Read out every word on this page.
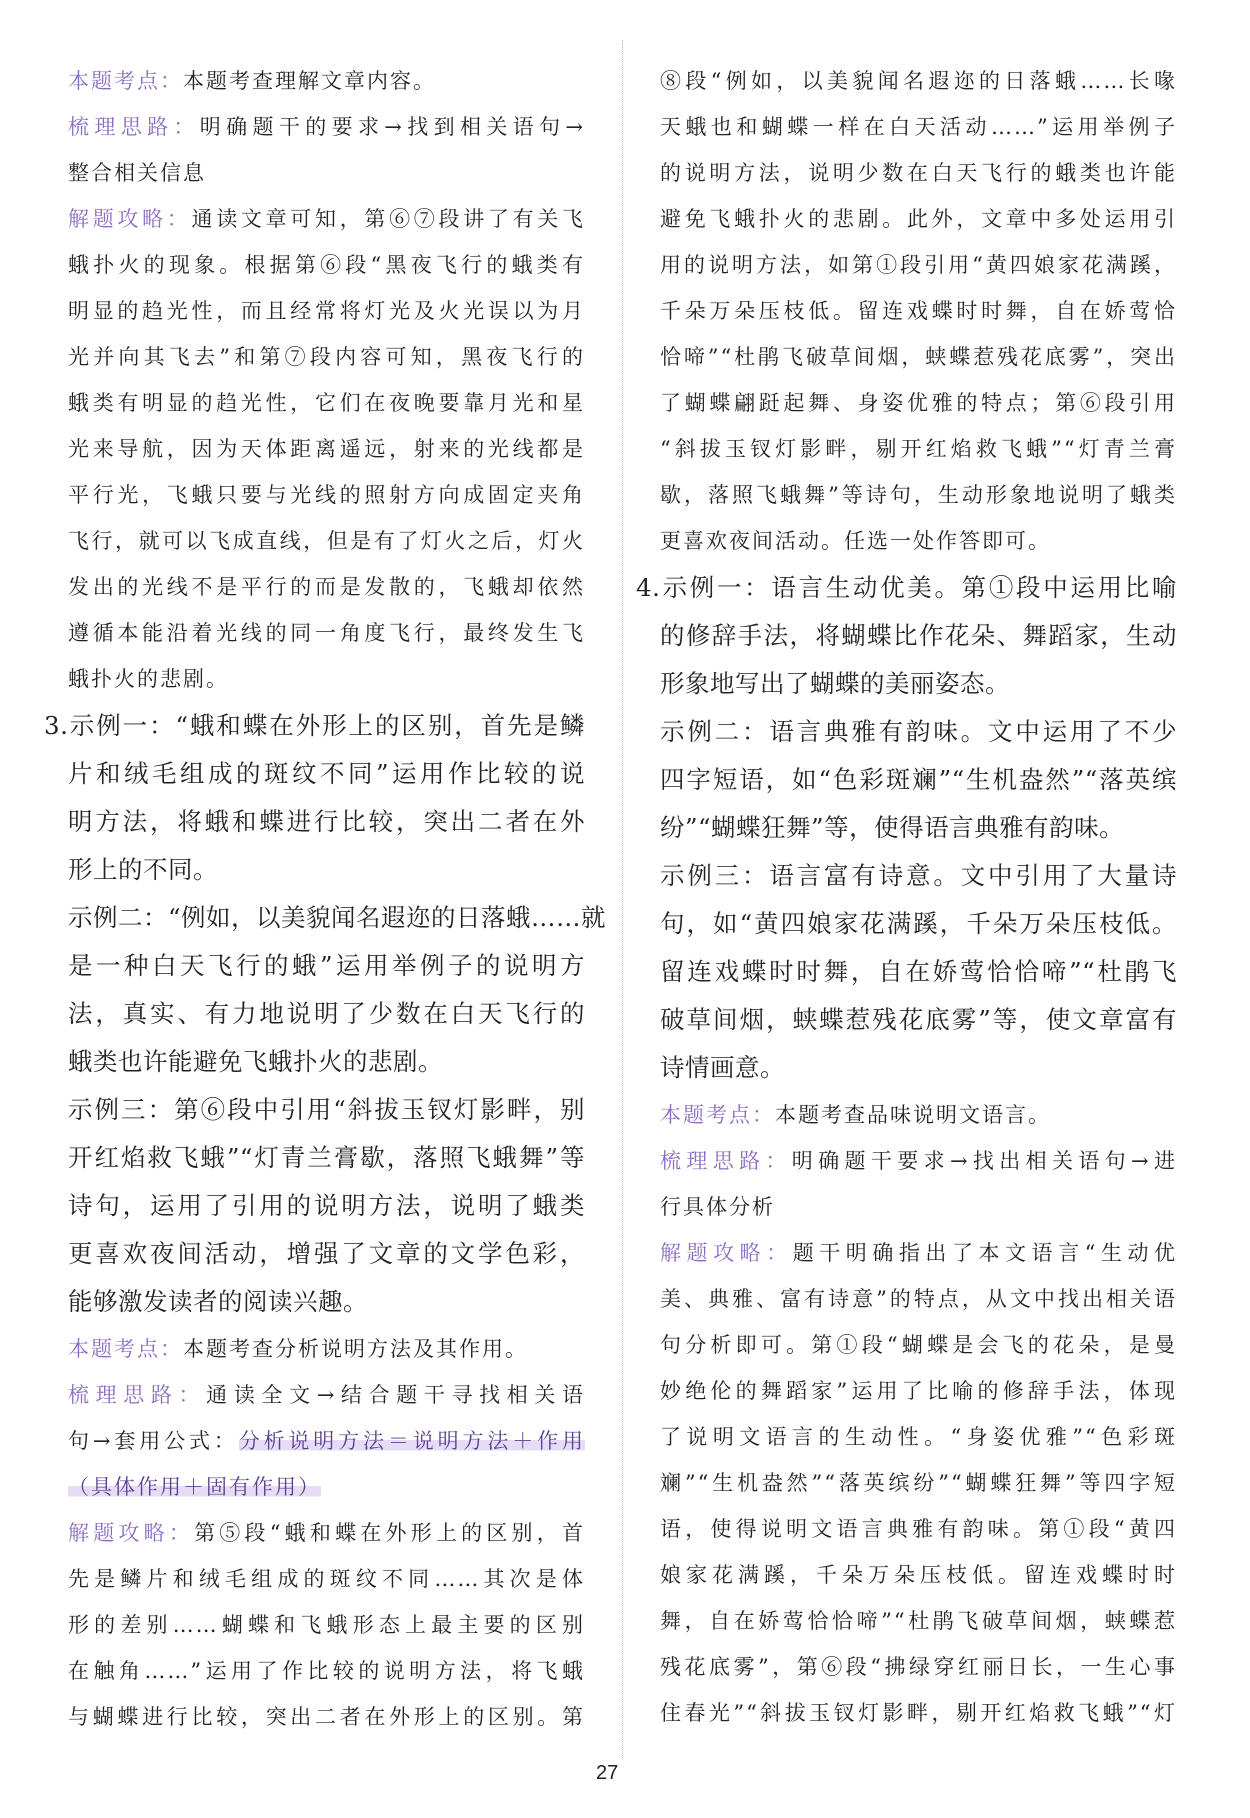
本题考点：本题考查理解文章内容。
梳理思路：明确题干的要求→找到相关语句→
整合相关信息
解题攻略：通读文章可知，第⑥⑦段讲了有关飞
蛾扑火的现象。根据第⑥段“黑夜飞行的蛾类有
明显的趋光性，而且经常将灯光及火光误以为月
光并向其飞去”和第⑦段内容可知，黑夜飞行的
蛾类有明显的趋光性，它们在夜晚要靠月光和星
光来导航，因为天体距离遥远，射来的光线都是
平行光，飞蛾只要与光线的照射方向成固定夹角
飞行，就可以飞成直线，但是有了灯火之后，灯火
发出的光线不是平行的而是发散的，飞蛾却依然
遵循本能沿着光线的同一角度飞行，最终发生飞
蛾扑火的悲剧。
3.示例一：“蛾和蝶在外形上的区别，首先是鳞
片和绒毛组成的斑纹不同”运用作比较的说
明方法，将蛾和蝶进行比较，突出二者在外
形上的不同。
示例二：“例如，以美貌闻名遐迩的日落蛾……就
是一种白天飞行的蛾”运用举例子的说明方
法，真实、有力地说明了少数在白天飞行的
蛾类也许能避免飞蛾扑火的悲剧。
示例三：第⑥段中引用“斜拔玉钗灯影畔，别
开红焰救飞蛾”“灯青兰膏歇，落照飞蛾舞”等
诗句，运用了引用的说明方法，说明了蛾类
更喜欢夜间活动，增强了文章的文学色彩，
能够激发读者的阅读兴趣。
本题考点：本题考查分析说明方法及其作用。
梳理思路：通读全文→结合题干寻找相关语
句→套用公式：分析说明方法＝说明方法＋作用
（具体作用＋固有作用）
解题攻略：第⑤段“蛾和蝶在外形上的区别，首
先是鳞片和绒毛组成的斑纹不同……其次是体
形的差别……蝴蝶和飞蛾形态上最主要的区别
在触角……”运用了作比较的说明方法，将飞蛾
与蝴蝶进行比较，突出二者在外形上的区别。第
⑧段“例如，以美貌闻名遐迩的日落蛾……长喙
天蛾也和蝴蝶一样在白天活动……”运用举例子
的说明方法，说明少数在白天飞行的蛾类也许能
避免飞蛾扑火的悲剧。此外，文章中多处运用引
用的说明方法，如第①段引用“黄四娘家花满蹊，
千朵万朵压枝低。留连戏蝶时时舞，自在娇莺恰
恰啼”“杜鹃飞破草间烟，蛱蝶惹残花底雾”，突出
了蝴蝶翩跹起舞、身姿优雅的特点；第⑥段引用
“斜拔玉钗灯影畔，剔开红焰救飞蛾”“灯青兰膏
歇，落照飞蛾舞”等诗句，生动形象地说明了蛾类
更喜欢夜间活动。任选一处作答即可。
4.示例一：语言生动优美。第①段中运用比喻
的修辞手法，将蝴蝶比作花朵、舞蹈家，生动
形象地写出了蝴蝶的美丽姿态。
示例二：语言典雅有韵味。文中运用了不少
四字短语，如“色彩斑斓”“生机盎然”“落英缤
纷”“蝴蝶狂舞”等，使得语言典雅有韵味。
示例三：语言富有诗意。文中引用了大量诗
句，如“黄四娘家花满蹊，千朵万朵压枝低。
留连戏蝶时时舞，自在娇莺恰恰啼”“杜鹃飞
破草间烟，蛱蝶惹残花底雾”等，使文章富有
诗情画意。
本题考点：本题考查品味说明文语言。
梳理思路：明确题干要求→找出相关语句→进
行具体分析
解题攻略：题干明确指出了本文语言“生动优
美、典雅、富有诗意”的特点，从文中找出相关语
句分析即可。第①段“蝴蝶是会飞的花朵，是曼
妙绝伦的舞蹈家”运用了比喻的修辞手法，体现
了说明文语言的生动性。“身姿优雅”“色彩斑
斓”“生机盎然”“落英缤纷”“蝴蝶狂舞”等四字短
语，使得说明文语言典雅有韵味。第①段“黄四
娘家花满蹊，千朵万朵压枝低。留连戏蝶时时
舞，自在娇莺恰恰啼”“杜鹃飞破草间烟，蛱蝶惹
残花底雾”，第⑥段“拂绿穿红丽日长，一生心事
住春光”“斜拔玉钗灯影畔，剔开红焰救飞蛾”“灯
27
